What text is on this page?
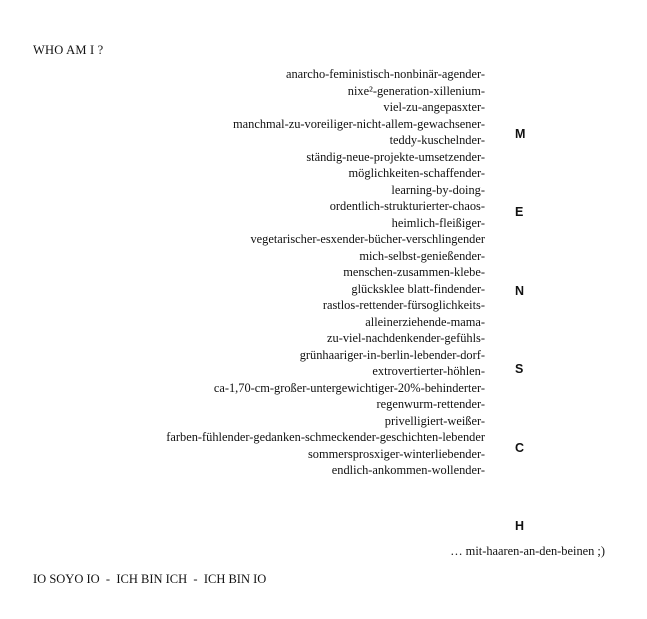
WHO AM I ?
anarcho-feministisch-nonbinär-agender-
nixe²-generation-xillenium-
viel-zu-angepasxter-
manchmal-zu-voreiliger-nicht-allem-gewachsener-
teddy-kuschelnder-
ständig-neue-projekte-umsetzender-
möglichkeiten-schaffender-
learning-by-doing-
ordentlich-strukturierter-chaos-
heimlich-fleißiger-
vegetarischer-esxender-bücher-verschlingender
mich-selbst-genießender-
menschen-zusammen-klebe-
glücksklee blatt-findender-
rastlos-rettender-fürsoglichkeits-
alleinerziehende-mama-
zu-viel-nachdenkender-gefühls-
grünhaariger-in-berlin-lebender-dorf-
extrovertierter-höhlen-
ca-1,70-cm-großer-untergewichtiger-20%-behinderter-
regenwurm-rettender-
privelligiert-weißer-
farben-fühlender-gedanken-schmeckender-geschichten-lebender
sommersprosxiger-winterliebender-
endlich-ankommen-wollender-
M
E
N
S
C
H
… mit-haaren-an-den-beinen ;)
IO SOYO IO  -  ICH BIN ICH  -  ICH BIN IO
